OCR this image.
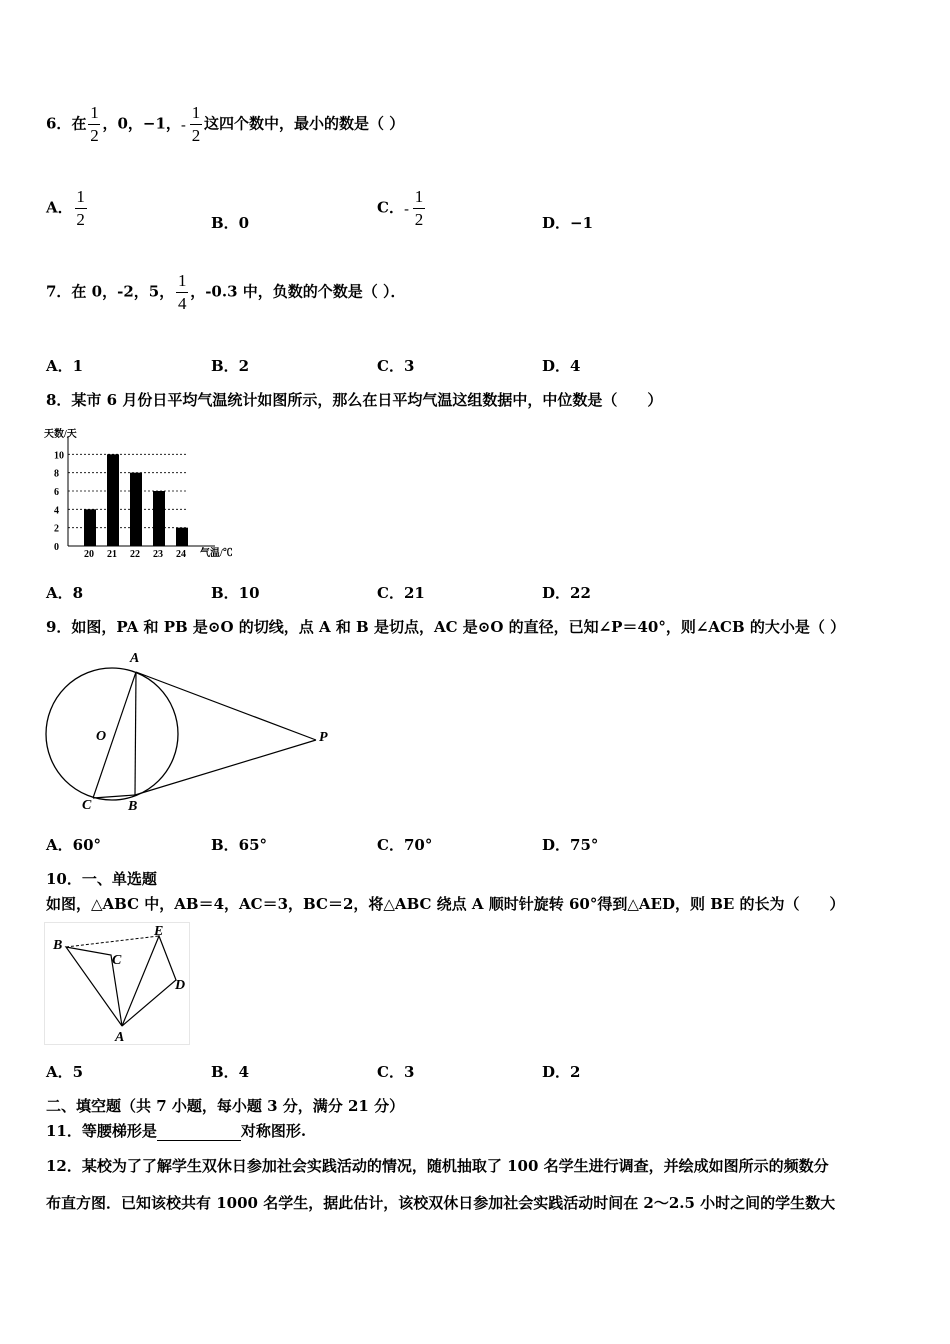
6．在 $\frac{1}{2}$ ，0，−1，- $\frac{1}{2}$ 这四个数中，最小的数是（ ）
A． $\frac{1}{2}$	B．0
C．- $\frac{1}{2}$	D．−1
7．在 0，-2，5， $\frac{1}{4}$ ，-0.3 中，负数的个数是（ ）．
A．1	B．2	C．3	D．4
8．某市 6 月份日平均气温统计如图所示，那么在日平均气温这组数据中，中位数是（　　）
天数/天
气温/℃
0
2
4
6
8
10
20 21 22 23 24
A．8	B．10	C．21	D．22
9．如图，PA 和 PB 是⊙O 的切线，点 A 和 B 是切点，AC 是⊙O 的直径，已知∠P＝40°，则∠ACB 的大小是（ ）
A
O	P
C	B
A．60°	B．65°	C．70°	D．75°
10．一、单选题
如图，△ABC 中，AB＝4，AC＝3，BC＝2，将△ABC 绕点 A 顺时针旋转 60°得到△AED，则 BE 的长为（　　）
B
C
E
D
A
A．5	B．4	C．3	D．2
二、填空题（共 7 小题，每小题 3 分，满分 21 分）
11．等腰梯形是	对称图形.
12．某校为了了解学生双休日参加社会实践活动的情况，随机抽取了 100 名学生进行调查，并绘成如图所示的频数分
布直方图．已知该校共有 1000 名学生，据此估计，该校双休日参加社会实践活动时间在 2～2.5 小时之间的学生数大
